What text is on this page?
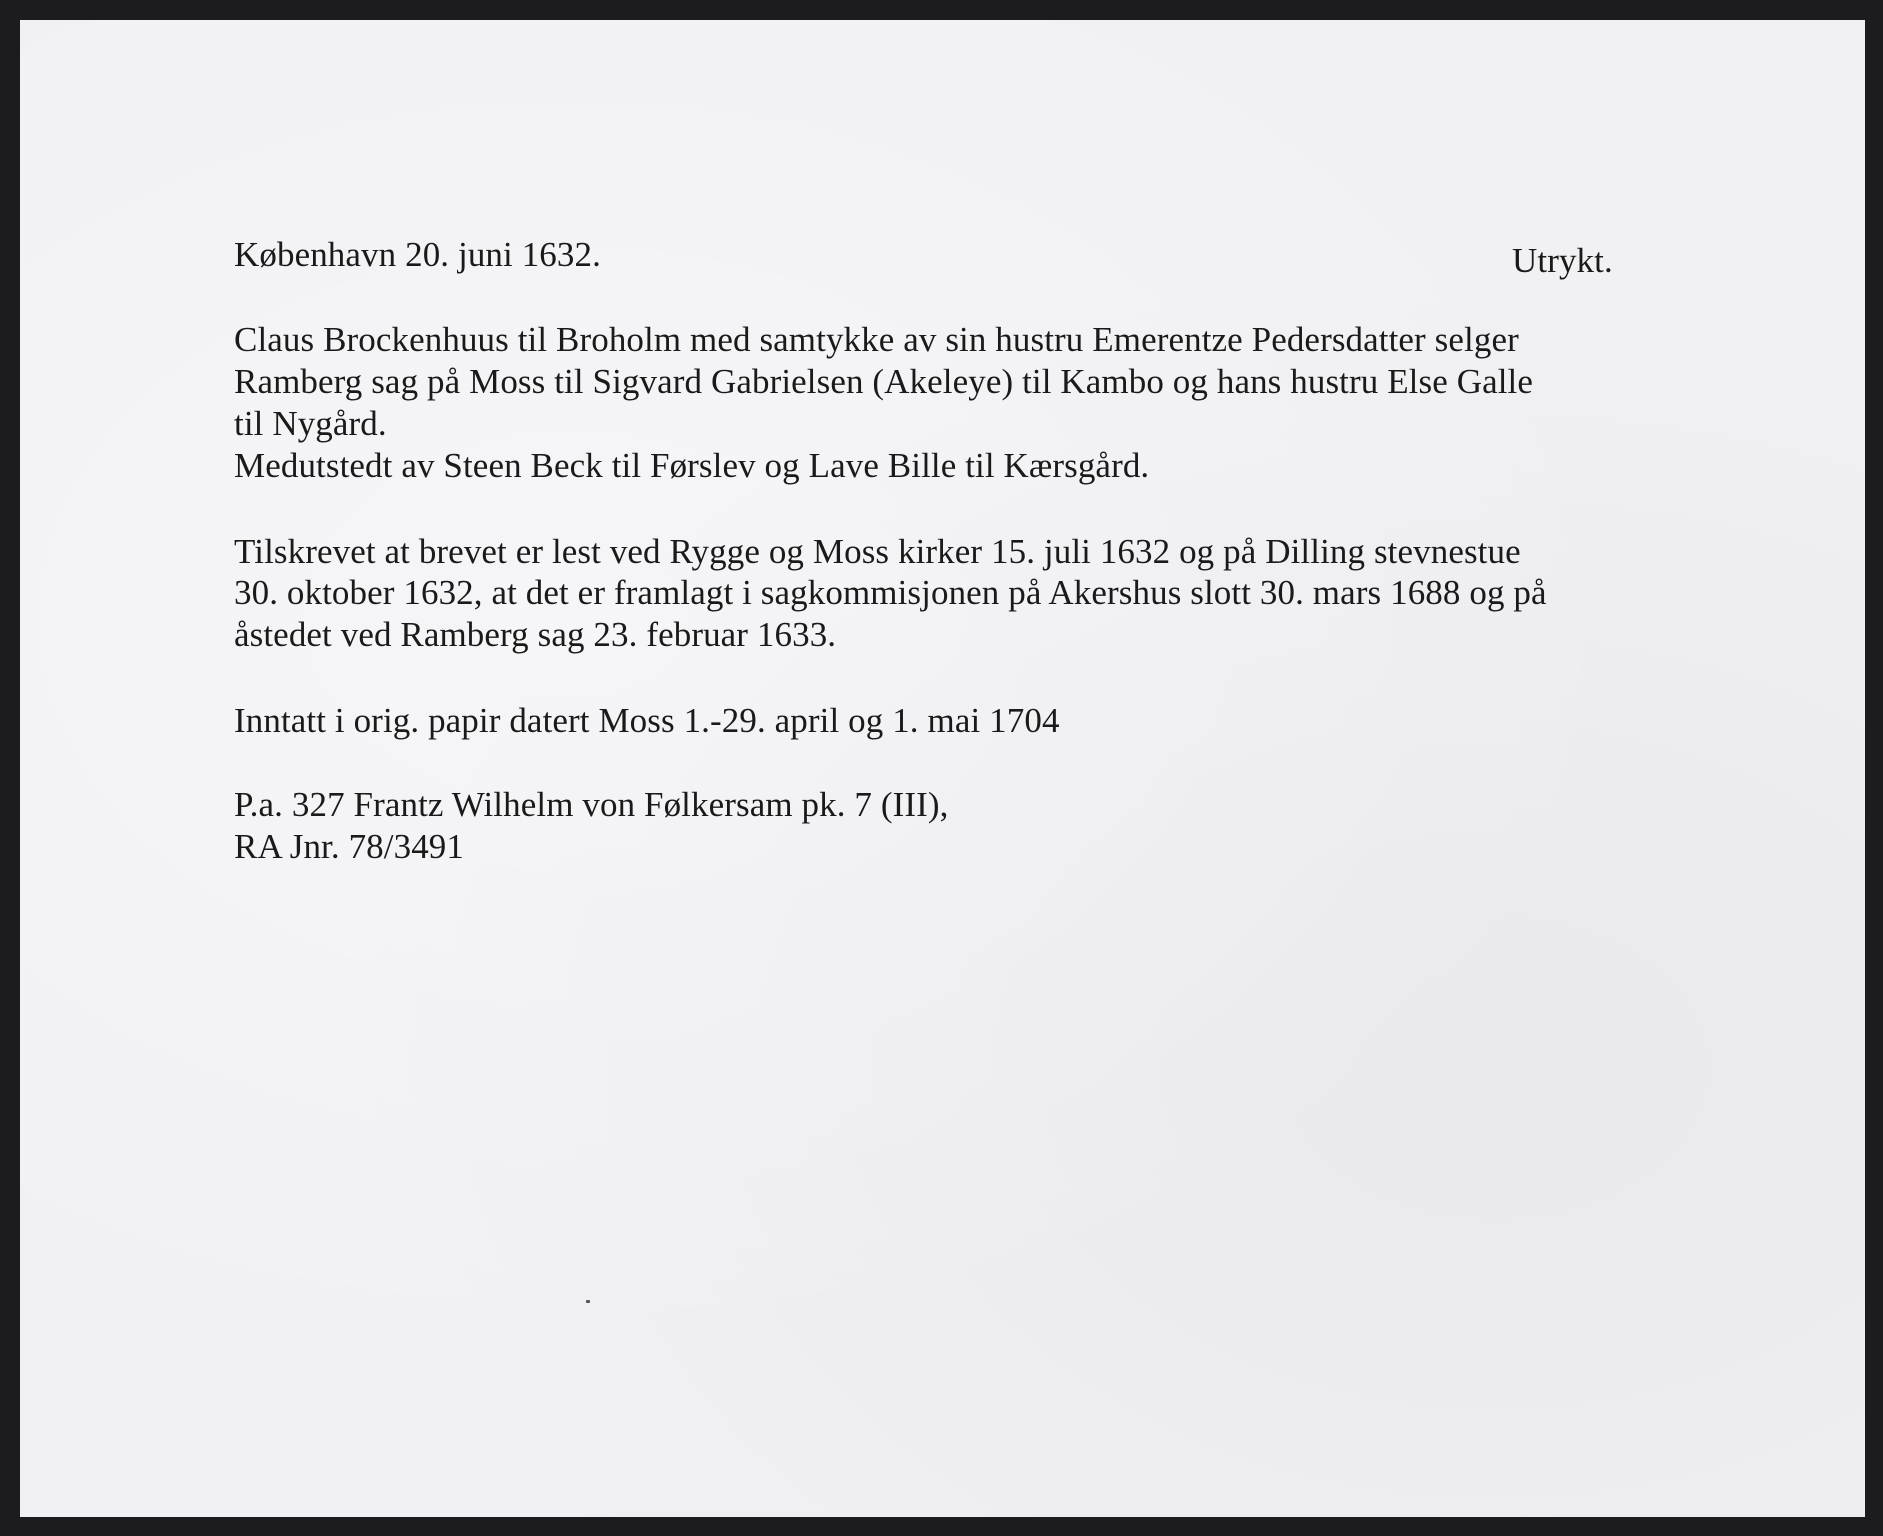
København 20. juni 1632.	Utrykt.
Claus Brockenhuus til Broholm med samtykke av sin hustru Emerentze Pedersdatter selger
Ramberg sag på Moss til Sigvard Gabrielsen (Akeleye) til Kambo og hans hustru Else Galle
til Nygård.
Medutstedt av Steen Beck til Førslev og Lave Bille til Kærsgård.
Tilskrevet at brevet er lest ved Rygge og Moss kirker 15. juli 1632 og på Dilling stevnestue
30. oktober 1632, at det er framlagt i sagkommisjonen på Akershus slott 30. mars 1688 og på
åstedet ved Ramberg sag 23. februar 1633.
Inntatt i orig. papir datert Moss 1.-29. april og 1. mai 1704
P.a. 327 Frantz Wilhelm von Følkersam pk. 7 (III),
RA Jnr. 78/3491
